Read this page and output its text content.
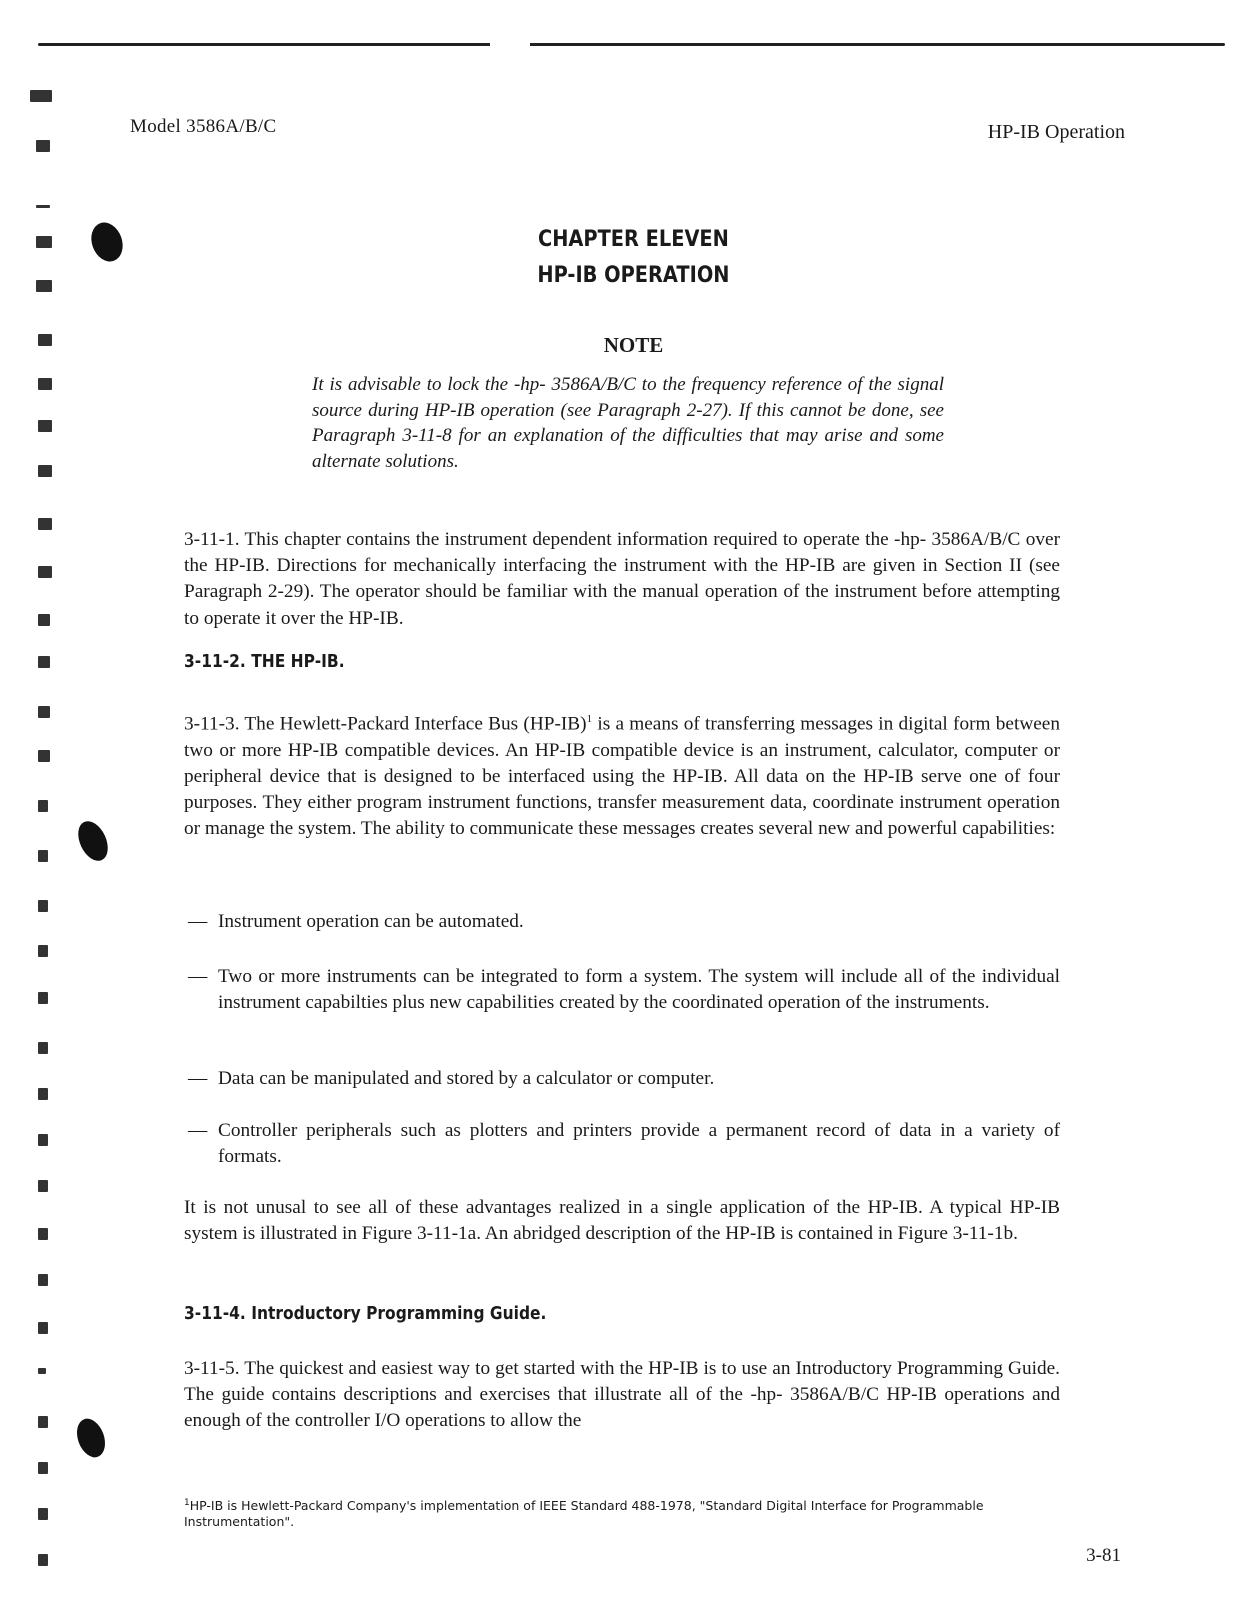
Model 3586A/B/C	HP-IB Operation
CHAPTER ELEVEN
HP-IB OPERATION
NOTE
It is advisable to lock the -hp- 3586A/B/C to the frequency reference of the signal source during HP-IB operation (see Paragraph 2-27). If this cannot be done, see Paragraph 3-11-8 for an explanation of the difficulties that may arise and some alternate solutions.
3-11-1. This chapter contains the instrument dependent information required to operate the -hp- 3586A/B/C over the HP-IB. Directions for mechanically interfacing the instrument with the HP-IB are given in Section II (see Paragraph 2-29). The operator should be familiar with the manual operation of the instrument before attempting to operate it over the HP-IB.
3-11-2. THE HP-IB.
3-11-3. The Hewlett-Packard Interface Bus $(HP-IB)^1$ is a means of transferring messages in digital form between two or more HP-IB compatible devices. An HP-IB compatible device is an instrument, calculator, computer or peripheral device that is designed to be interfaced using the HP-IB. All data on the HP-IB serve one of four purposes. They either program instrument functions, transfer measurement data, coordinate instrument operation or manage the system. The ability to communicate these messages creates several new and powerful capabilities:
— Instrument operation can be automated.
— Two or more instruments can be integrated to form a system. The system will include all of the individual instrument capabilties plus new capabilities created by the coordinated operation of the instruments.
— Data can be manipulated and stored by a calculator or computer.
— Controller peripherals such as plotters and printers provide a permanent record of data in a variety of formats.
It is not unusal to see all of these advantages realized in a single application of the HP-IB. A typical HP-IB system is illustrated in Figure 3-11-1a. An abridged description of the HP-IB is contained in Figure 3-11-1b.
3-11-4. Introductory Programming Guide.
3-11-5. The quickest and easiest way to get started with the HP-IB is to use an Introductory Programming Guide. The guide contains descriptions and exercises that illustrate all of the -hp- 3586A/B/C HP-IB operations and enough of the controller I/O operations to allow the
$^1$HP-IB is Hewlett-Packard Company's implementation of IEEE Standard 488-1978, "Standard Digital Interface for Programmable Instrumentation".
3-81
